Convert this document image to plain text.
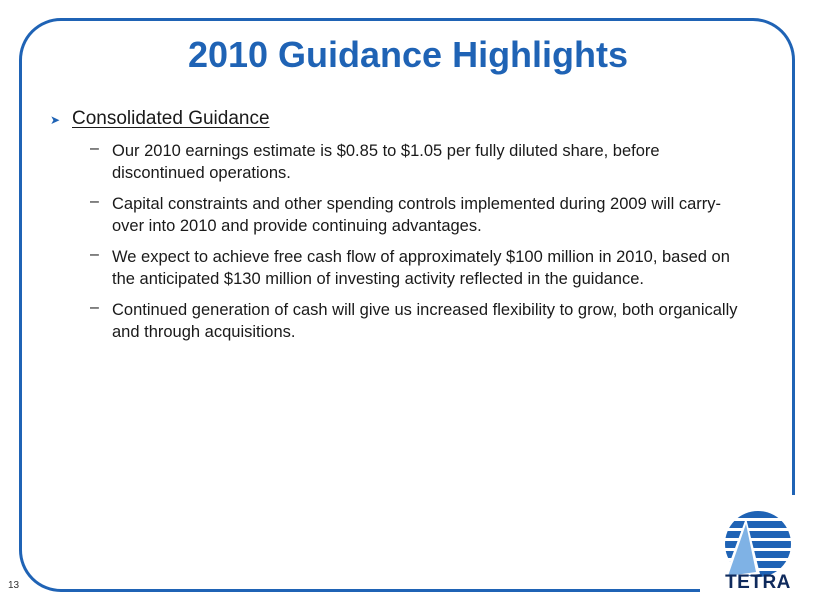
2010 Guidance Highlights
➤ Consolidated Guidance
– Our 2010 earnings estimate is $0.85 to $1.05 per fully diluted share, before discontinued operations.
– Capital constraints and other spending controls implemented during 2009 will carry-over into 2010 and provide continuing advantages.
– We expect to achieve free cash flow of approximately $100 million in 2010, based on the anticipated $130 million of investing activity reflected in the guidance.
– Continued generation of cash will give us increased flexibility to grow, both organically and through acquisitions.
13	TETRA
